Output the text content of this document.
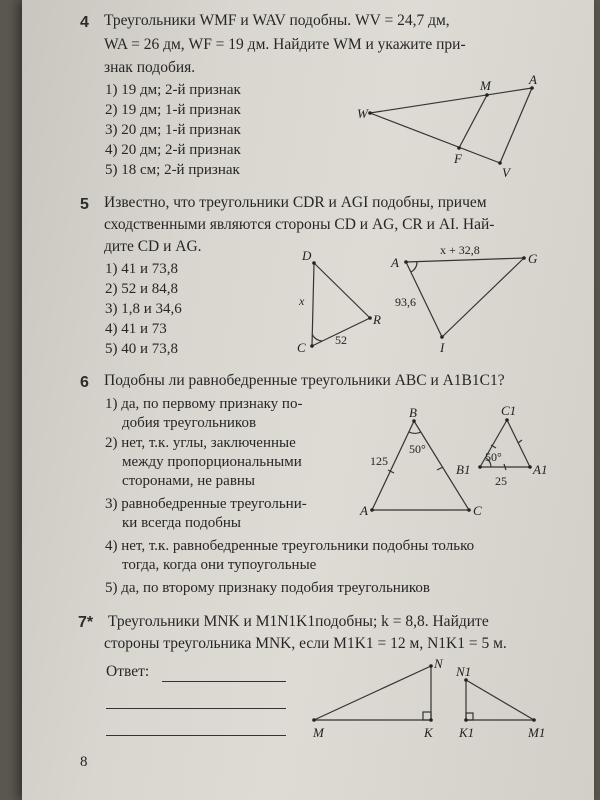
4 Треугольники WMF и WAV подобны. WV = 24,7 дм,
WA = 26 дм, WF = 19 дм. Найдите WM и укажите при-
знак подобия.
1) 19 дм; 2-й признак
2) 19 дм; 1-й признак
3) 20 дм; 1-й признак
4) 20 дм; 2-й признак
5) 18 см; 2-й признак
W
M	A
F
V
5 Известно, что треугольники CDR и AGI подобны, причем
сходственными являются стороны CD и AG, CR и AI. Най-
дите CD и AG.
1) 41 и 73,8
2) 52 и 84,8
3) 1,8 и 34,6
4) 41 и 73
5) 40 и 73,8
D
C
R
x
52
A	G
I
x + 32,8
93,6
6 Подобны ли равнобедренные треугольники ABC и A1B1C1?
1) да, по первому признаку по-
добия треугольников
2) нет, т.к. углы, заключенные
между пропорциональными
сторонами, не равны
3) равнобедренные треугольни-
ки всегда подобны
4) нет, т.к. равнобедренные треугольники подобны только
тогда, когда они тупоугольные
5) да, по второму признаку подобия треугольников
B
A	C
50°
125
C1
B1	A1
50°
25
7* Треугольники MNK и M1N1K1подобны; k = 8,8. Найдите
стороны треугольника MNK, если M1K1 = 12 м, N1K1 = 5 м.
Ответ:
M
N
K
N1
K1	M1
8
